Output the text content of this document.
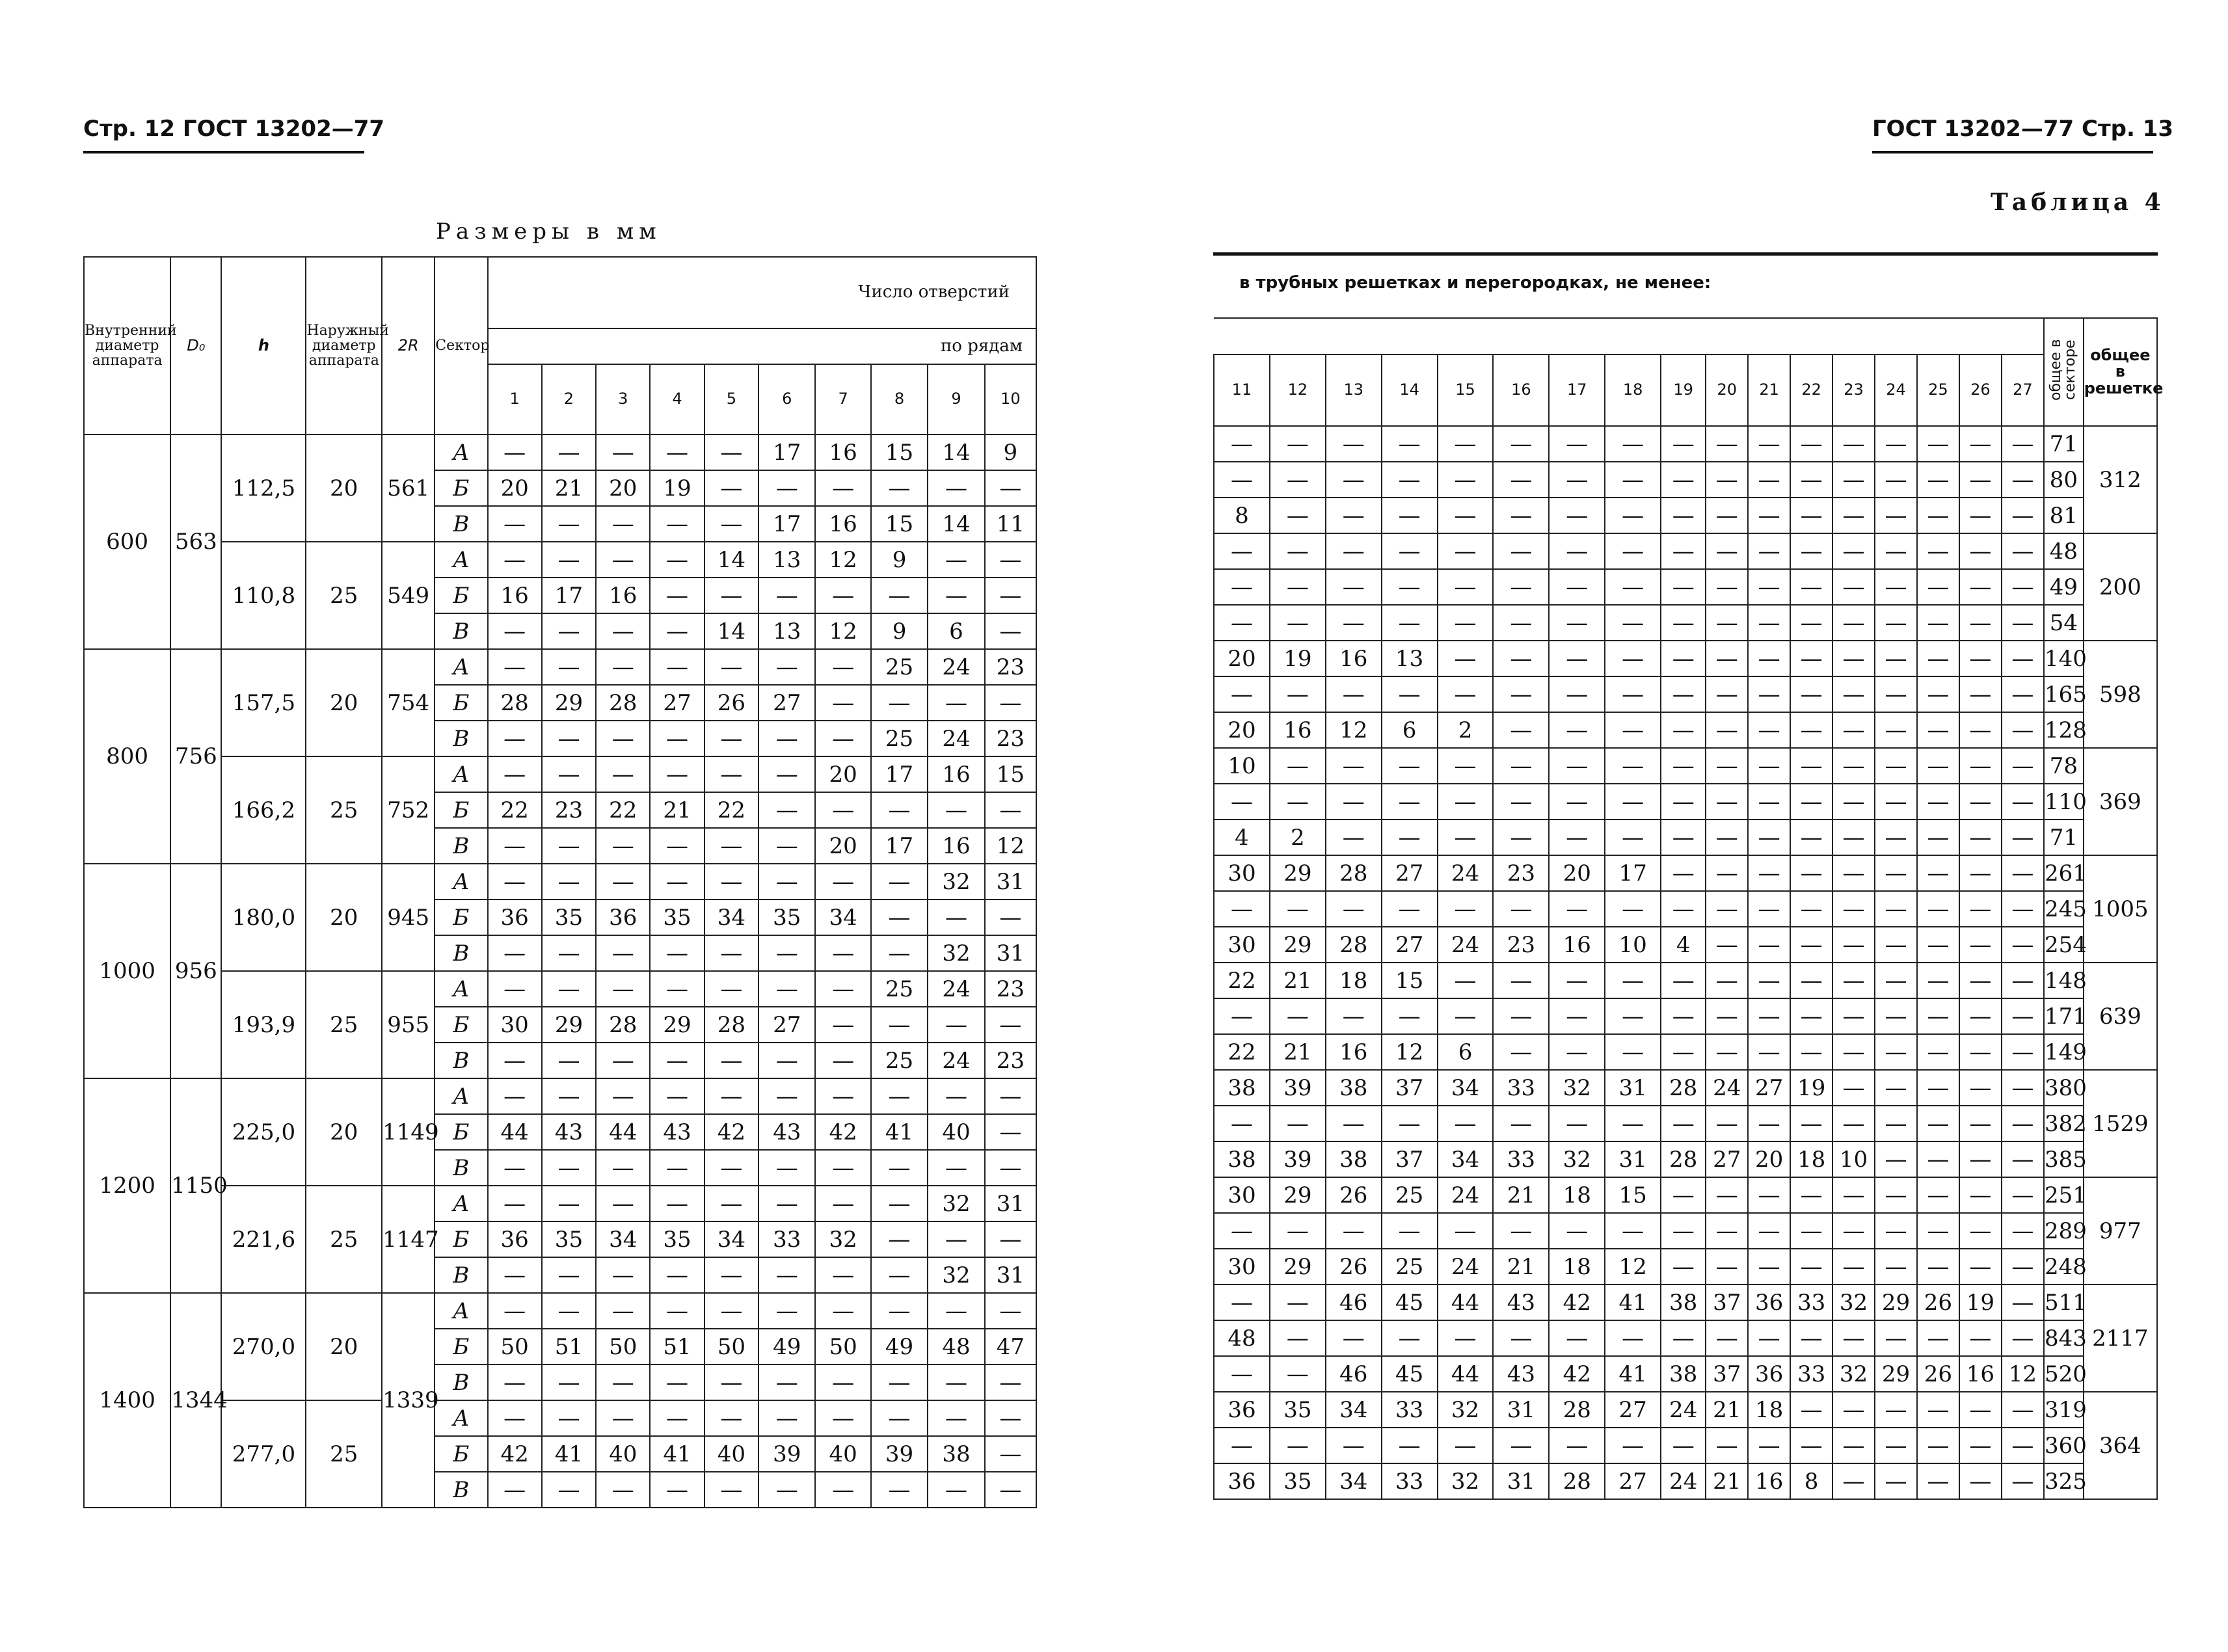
Стр. 12 ГОСТ 13202—77
Размеры в мм
Внутренний диаметр аппарата	D₀	h	Наружный диаметр аппарата	2R	Сектор	Число отверстий									
						по рядам									
						1	2	3	4	5	6	7	8	9	10
600	563	112,5	20	561	А	—	—	—	—	—	17	16	15	14	9
					Б	20	21	20	19	—	—	—	—	—	—
					В	—	—	—	—	—	17	16	15	14	11
		110,8	25	549	А	—	—	—	—	14	13	12	9	—	—
					Б	16	17	16	—	—	—	—	—	—	—
					В	—	—	—	—	14	13	12	9	6	—
800	756	157,5	20	754	А	—	—	—	—	—	—	—	25	24	23
					Б	28	29	28	27	26	27	—	—	—	—
					В	—	—	—	—	—	—	—	25	24	23
		166,2	25	752	А	—	—	—	—	—	—	20	17	16	15
					Б	22	23	22	21	22	—	—	—	—	—
					В	—	—	—	—	—	—	20	17	16	12
1000	956	180,0	20	945	А	—	—	—	—	—	—	—	—	32	31
					Б	36	35	36	35	34	35	34	—	—	—
					В	—	—	—	—	—	—	—	—	32	31
		193,9	25	955	А	—	—	—	—	—	—	—	25	24	23
					Б	30	29	28	29	28	27	—	—	—	—
					В	—	—	—	—	—	—	—	25	24	23
1200	1150	225,0	20	1149	А	—	—	—	—	—	—	—	—	—	—
					Б	44	43	44	43	42	43	42	41	40	—
					В	—	—	—	—	—	—	—	—	—	—
		221,6	25	1147	А	—	—	—	—	—	—	—	—	32	31
					Б	36	35	34	35	34	33	32	—	—	—
					В	—	—	—	—	—	—	—	—	32	31
1400	1344	270,0	20	1339	А	—	—	—	—	—	—	—	—	—	—
					Б	50	51	50	51	50	49	50	49	48	47
					В	—	—	—	—	—	—	—	—	—	—
		277,0	25		А	—	—	—	—	—	—	—	—	—	—
					Б	42	41	40	41	40	39	40	39	38	—
					В	—	—	—	—	—	—	—	—	—	—
ГОСТ 13202—77 Стр. 13
Таблица 4
в трубных решетках и перегородках, не менее:
																	общее в секторе	общее в решетке
11	12	13	14	15	16	17	18	19	20	21	22	23	24	25	26	27		
—	—	—	—	—	—	—	—	—	—	—	—	—	—	—	—	—	71	312
—	—	—	—	—	—	—	—	—	—	—	—	—	—	—	—	—	80	
8	—	—	—	—	—	—	—	—	—	—	—	—	—	—	—	—	81	
—	—	—	—	—	—	—	—	—	—	—	—	—	—	—	—	—	48	200
—	—	—	—	—	—	—	—	—	—	—	—	—	—	—	—	—	49	
—	—	—	—	—	—	—	—	—	—	—	—	—	—	—	—	—	54	
20	19	16	13	—	—	—	—	—	—	—	—	—	—	—	—	—	140	598
—	—	—	—	—	—	—	—	—	—	—	—	—	—	—	—	—	165	
20	16	12	6	2	—	—	—	—	—	—	—	—	—	—	—	—	128	
10	—	—	—	—	—	—	—	—	—	—	—	—	—	—	—	—	78	369
—	—	—	—	—	—	—	—	—	—	—	—	—	—	—	—	—	110	
4	2	—	—	—	—	—	—	—	—	—	—	—	—	—	—	—	71	
30	29	28	27	24	23	20	17	—	—	—	—	—	—	—	—	—	261	1005
—	—	—	—	—	—	—	—	—	—	—	—	—	—	—	—	—	245	
30	29	28	27	24	23	16	10	4	—	—	—	—	—	—	—	—	254	
22	21	18	15	—	—	—	—	—	—	—	—	—	—	—	—	—	148	639
—	—	—	—	—	—	—	—	—	—	—	—	—	—	—	—	—	171	
22	21	16	12	6	—	—	—	—	—	—	—	—	—	—	—	—	149	
38	39	38	37	34	33	32	31	28	24	27	19	—	—	—	—	—	380	1529
—	—	—	—	—	—	—	—	—	—	—	—	—	—	—	—	—	382	
38	39	38	37	34	33	32	31	28	27	20	18	10	—	—	—	—	385	
30	29	26	25	24	21	18	15	—	—	—	—	—	—	—	—	—	251	977
—	—	—	—	—	—	—	—	—	—	—	—	—	—	—	—	—	289	
30	29	26	25	24	21	18	12	—	—	—	—	—	—	—	—	—	248	
—	—	46	45	44	43	42	41	38	37	36	33	32	29	26	19	—	511	2117
48	—	—	—	—	—	—	—	—	—	—	—	—	—	—	—	—	843	
—	—	46	45	44	43	42	41	38	37	36	33	32	29	26	16	12	520	
36	35	34	33	32	31	28	27	24	21	18	—	—	—	—	—	—	319	364
—	—	—	—	—	—	—	—	—	—	—	—	—	—	—	—	—	360	
36	35	34	33	32	31	28	27	24	21	16	8	—	—	—	—	—	325	
